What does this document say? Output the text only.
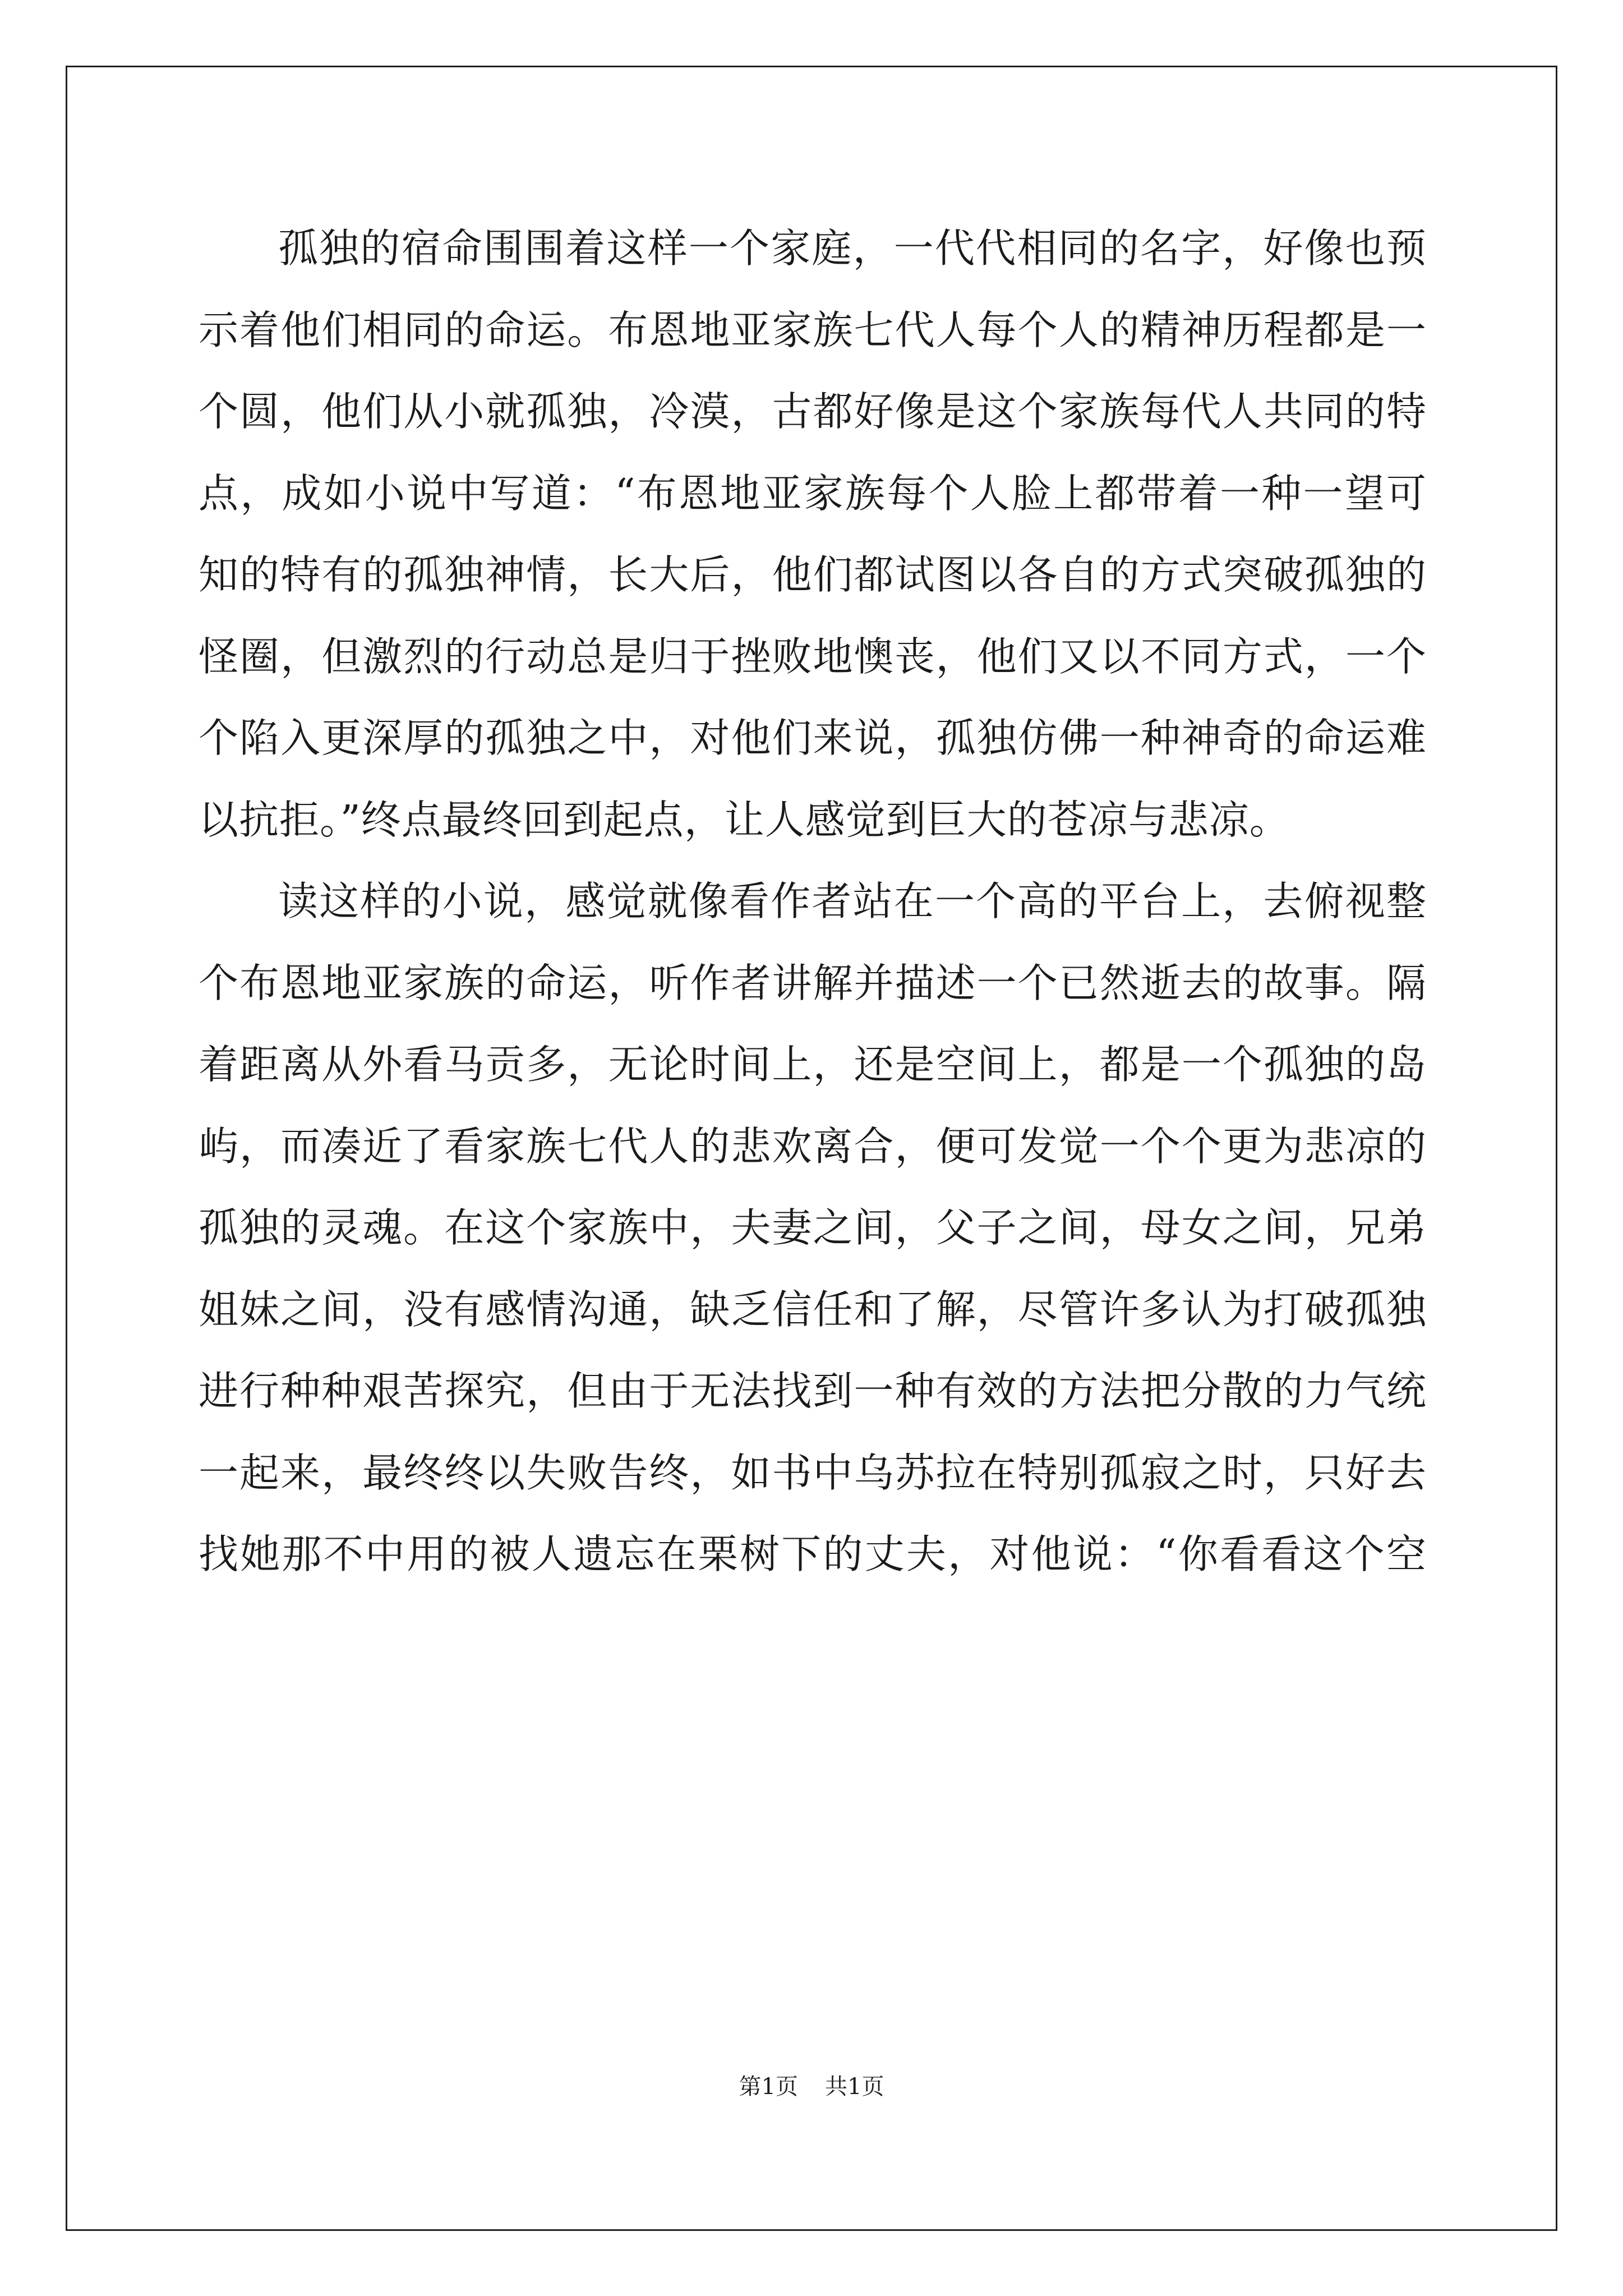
孤独的宿命围围着这样一个家庭，一代代相同的名字，好像也预
示着他们相同的命运。布恩地亚家族七代人每个人的精神历程都是一
个圆，他们从小就孤独，冷漠，古都好像是这个家族每代人共同的特
点，成如小说中写道：“布恩地亚家族每个人脸上都带着一种一望可
知的特有的孤独神情，长大后，他们都试图以各自的方式突破孤独的
怪圈，但激烈的行动总是归于挫败地懊丧，他们又以不同方式，一个
个陷入更深厚的孤独之中，对他们来说，孤独仿佛一种神奇的命运难
以抗拒。”终点最终回到起点，让人感觉到巨大的苍凉与悲凉。
读这样的小说，感觉就像看作者站在一个高的平台上，去俯视整
个布恩地亚家族的命运，听作者讲解并描述一个已然逝去的故事。隔
着距离从外看马贡多，无论时间上，还是空间上，都是一个孤独的岛
屿，而凑近了看家族七代人的悲欢离合，便可发觉一个个更为悲凉的
孤独的灵魂。在这个家族中，夫妻之间，父子之间，母女之间，兄弟
姐妹之间，没有感情沟通，缺乏信任和了解，尽管许多认为打破孤独
进行种种艰苦探究，但由于无法找到一种有效的方法把分散的力气统
一起来，最终终以失败告终，如书中乌苏拉在特别孤寂之时，只好去
找她那不中用的被人遗忘在栗树下的丈夫，对他说：“你看看这个空
第1页 共1页
